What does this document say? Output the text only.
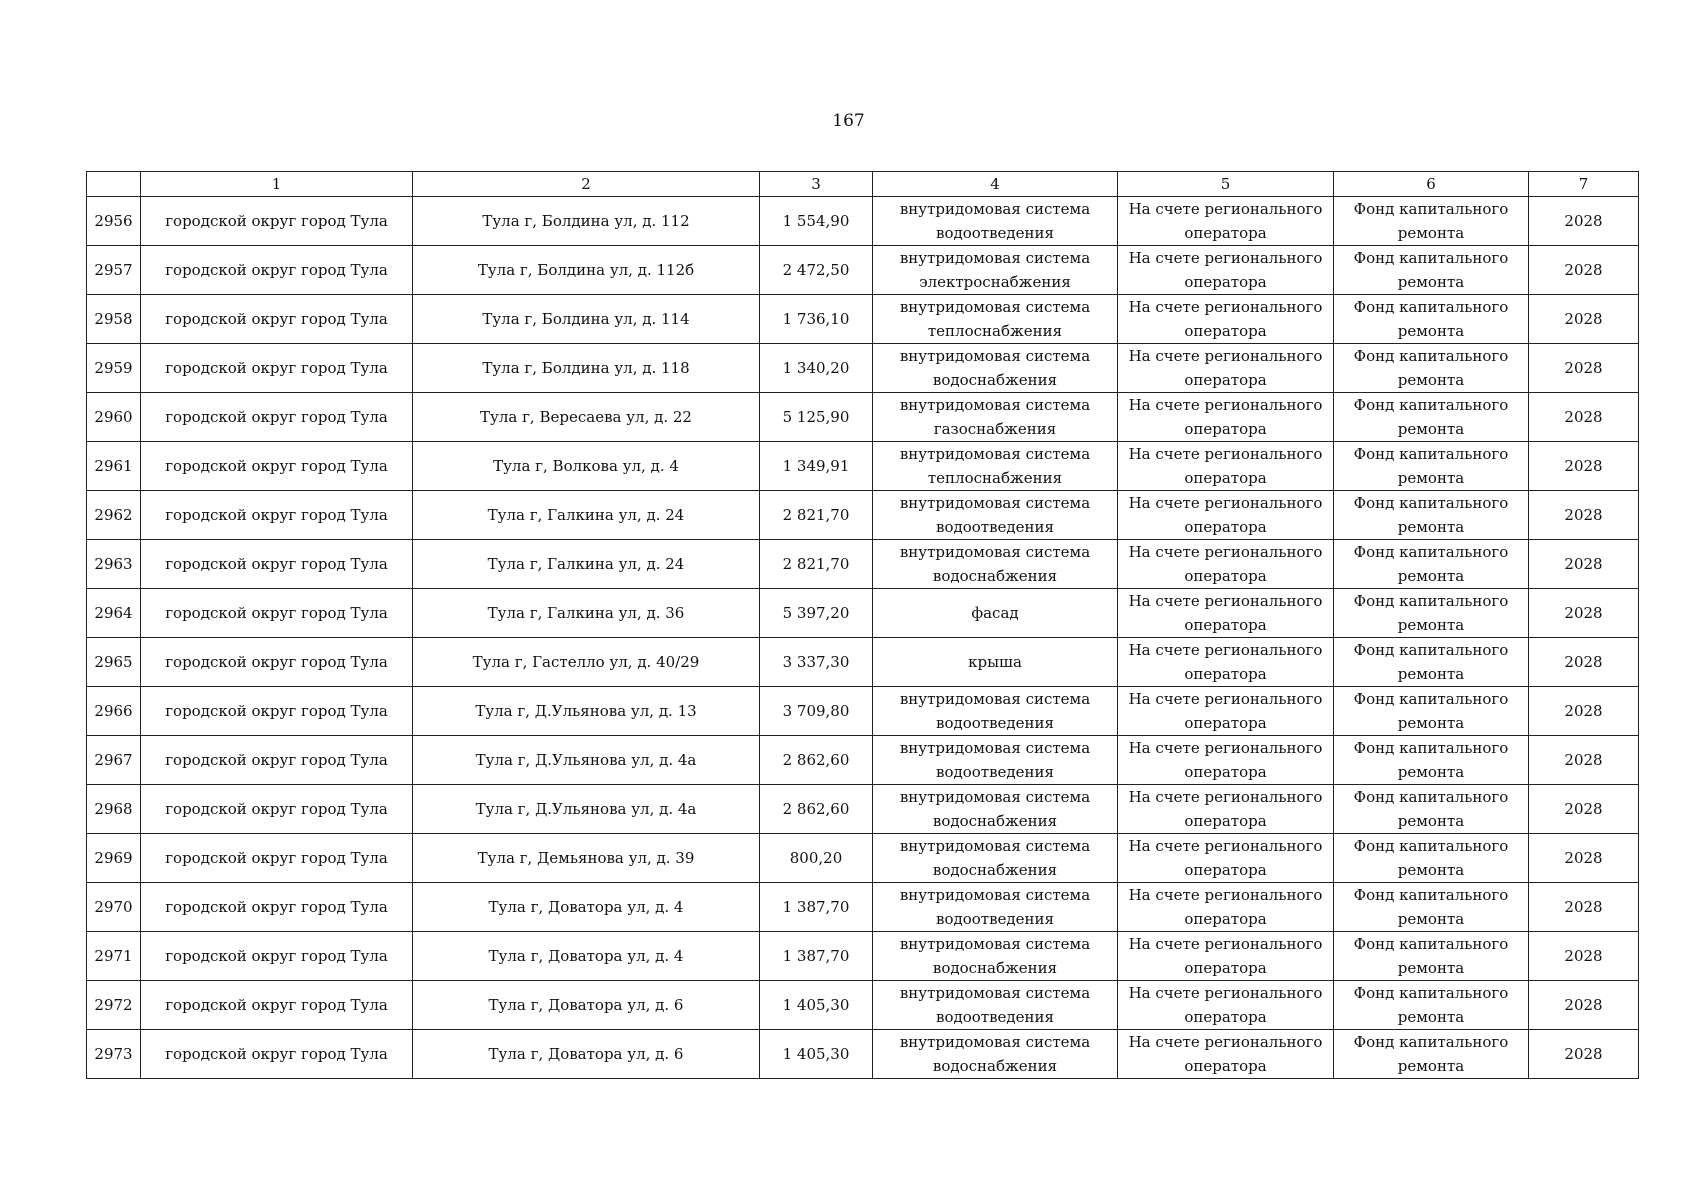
167
	1	2	3	4	5	6	7
2956	городской округ город Тула	Тула г, Болдина ул, д. 112	1 554,90	внутридомовая система водоотведения	На счете регионального оператора	Фонд капитального ремонта	2028
2957	городской округ город Тула	Тула г, Болдина ул, д. 112б	2 472,50	внутридомовая система электроснабжения	На счете регионального оператора	Фонд капитального ремонта	2028
2958	городской округ город Тула	Тула г, Болдина ул, д. 114	1 736,10	внутридомовая система теплоснабжения	На счете регионального оператора	Фонд капитального ремонта	2028
2959	городской округ город Тула	Тула г, Болдина ул, д. 118	1 340,20	внутридомовая система водоснабжения	На счете регионального оператора	Фонд капитального ремонта	2028
2960	городской округ город Тула	Тула г, Вересаева ул, д. 22	5 125,90	внутридомовая система газоснабжения	На счете регионального оператора	Фонд капитального ремонта	2028
2961	городской округ город Тула	Тула г, Волкова ул, д. 4	1 349,91	внутридомовая система теплоснабжения	На счете регионального оператора	Фонд капитального ремонта	2028
2962	городской округ город Тула	Тула г, Галкина ул, д. 24	2 821,70	внутридомовая система водоотведения	На счете регионального оператора	Фонд капитального ремонта	2028
2963	городской округ город Тула	Тула г, Галкина ул, д. 24	2 821,70	внутридомовая система водоснабжения	На счете регионального оператора	Фонд капитального ремонта	2028
2964	городской округ город Тула	Тула г, Галкина ул, д. 36	5 397,20	фасад	На счете регионального оператора	Фонд капитального ремонта	2028
2965	городской округ город Тула	Тула г, Гастелло ул, д. 40/29	3 337,30	крыша	На счете регионального оператора	Фонд капитального ремонта	2028
2966	городской округ город Тула	Тула г, Д.Ульянова ул, д. 13	3 709,80	внутридомовая система водоотведения	На счете регионального оператора	Фонд капитального ремонта	2028
2967	городской округ город Тула	Тула г, Д.Ульянова ул, д. 4а	2 862,60	внутридомовая система водоотведения	На счете регионального оператора	Фонд капитального ремонта	2028
2968	городской округ город Тула	Тула г, Д.Ульянова ул, д. 4а	2 862,60	внутридомовая система водоснабжения	На счете регионального оператора	Фонд капитального ремонта	2028
2969	городской округ город Тула	Тула г, Демьянова ул, д. 39	800,20	внутридомовая система водоснабжения	На счете регионального оператора	Фонд капитального ремонта	2028
2970	городской округ город Тула	Тула г, Доватора ул, д. 4	1 387,70	внутридомовая система водоотведения	На счете регионального оператора	Фонд капитального ремонта	2028
2971	городской округ город Тула	Тула г, Доватора ул, д. 4	1 387,70	внутридомовая система водоснабжения	На счете регионального оператора	Фонд капитального ремонта	2028
2972	городской округ город Тула	Тула г, Доватора ул, д. 6	1 405,30	внутридомовая система водоотведения	На счете регионального оператора	Фонд капитального ремонта	2028
2973	городской округ город Тула	Тула г, Доватора ул, д. 6	1 405,30	внутридомовая система водоснабжения	На счете регионального оператора	Фонд капитального ремонта	2028
